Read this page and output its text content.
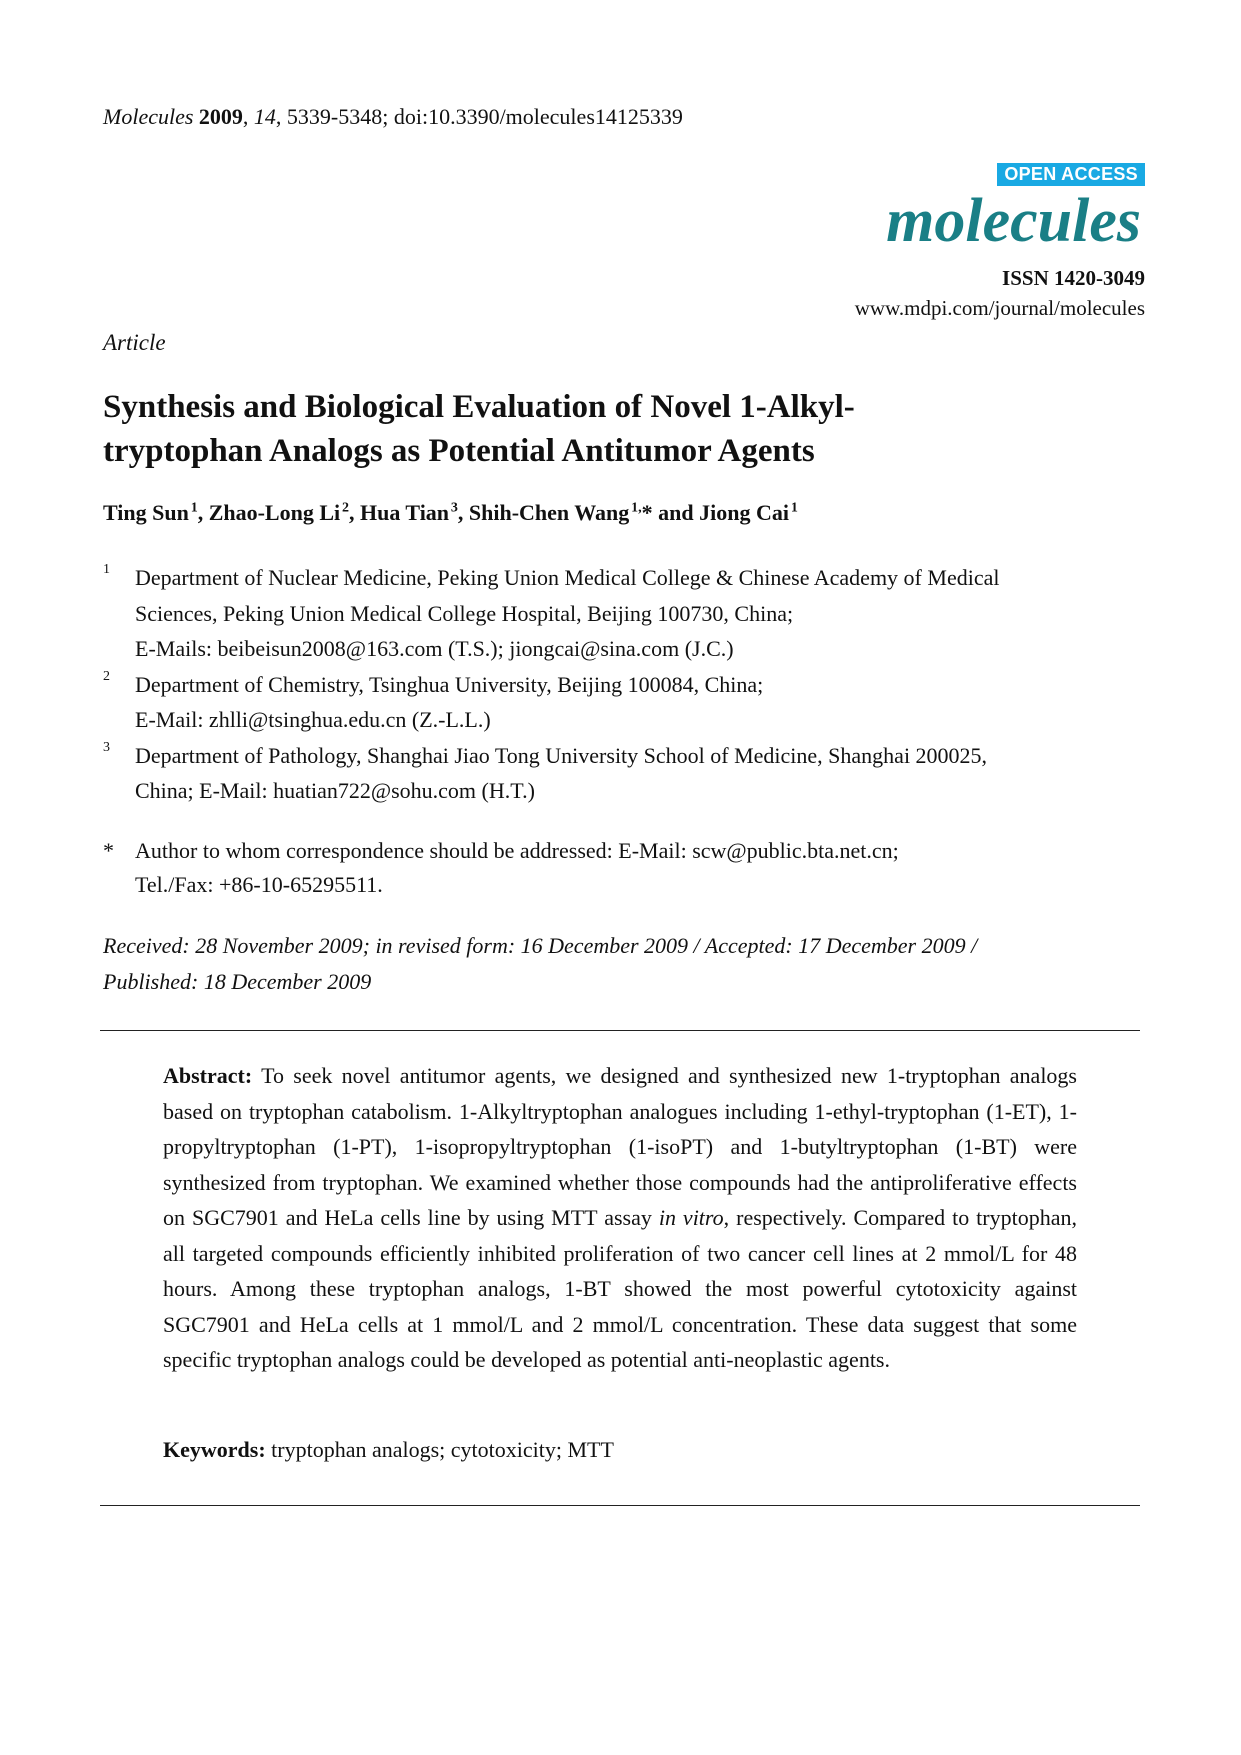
Molecules 2009, 14, 5339-5348; doi:10.3390/molecules14125339
OPEN ACCESS
molecules
ISSN 1420-3049
www.mdpi.com/journal/molecules
Article
Synthesis and Biological Evaluation of Novel 1-Alkyl-
tryptophan Analogs as Potential Antitumor Agents
Ting Sun  $^1$, Zhao-Long Li  $^2$, Hua Tian  $^3$, Shih-Chen Wang  $^{1,}$* and Jiong Cai  $^1$
1 Department of Nuclear Medicine, Peking Union Medical College & Chinese Academy of Medical
Sciences, Peking Union Medical College Hospital, Beijing 100730, China;
E-Mails: beibeisun2008@163.com (T.S.); jiongcai@sina.com (J.C.)
2 Department of Chemistry, Tsinghua University, Beijing 100084, China;
E-Mail: zhlli@tsinghua.edu.cn (Z.-L.L.)
3 Department of Pathology, Shanghai Jiao Tong University School of Medicine, Shanghai 200025,
China; E-Mail: huatian722@sohu.com (H.T.)
* Author to whom correspondence should be addressed: E-Mail: scw@public.bta.net.cn;
Tel./Fax: +86-10-65295511.
Received: 28 November 2009; in revised form: 16 December 2009 / Accepted: 17 December 2009 /
Published: 18 December 2009

Abstract: To seek novel antitumor agents, we designed and synthesized new 1-tryptophan analogs based on tryptophan catabolism. 1-Alkyltryptophan analogues including 1-ethyl-tryptophan (1-ET), 1-propyltryptophan (1-PT), 1-isopropyltryptophan (1-isoPT) and 1-butyltryptophan (1-BT) were synthesized from tryptophan. We examined whether those compounds had the antiproliferative effects on SGC7901 and HeLa cells line by using MTT assay in vitro, respectively. Compared to tryptophan, all targeted compounds efficiently inhibited proliferation of two cancer cell lines at 2 mmol/L for 48 hours. Among these tryptophan analogs, 1-BT showed the most powerful cytotoxicity against SGC7901 and HeLa cells at 1 mmol/L and 2 mmol/L concentration. These data suggest that some specific tryptophan analogs could be developed as potential anti-neoplastic agents.

Keywords: tryptophan analogs; cytotoxicity; MTT
